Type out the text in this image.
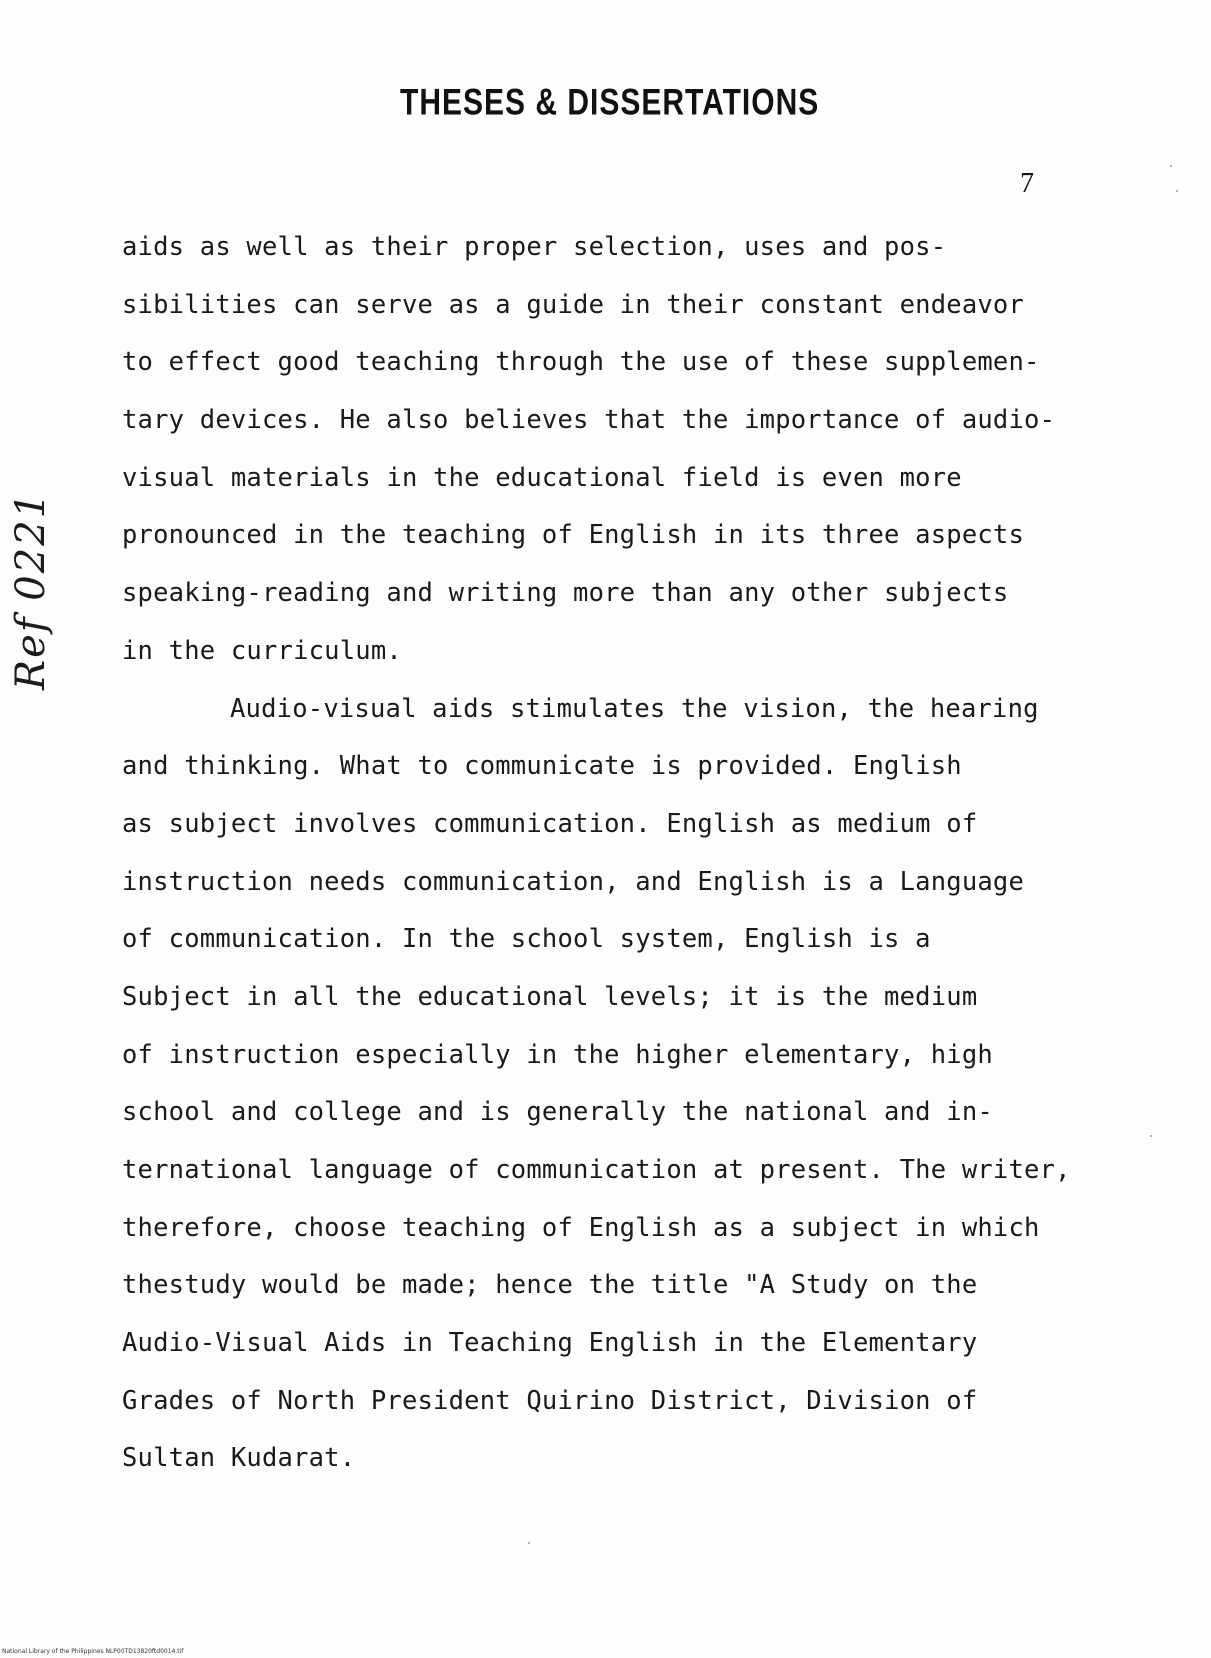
THESES & DISSERTATIONS
7
Ref 0221
aids as well as their proper selection, uses and pos-
sibilities can serve as a guide in their constant endeavor
to effect good teaching through the use of these supplemen-
tary devices. He also believes that the importance of audio-
visual materials in the educational field is even more
pronounced in the teaching of English in its three aspects
speaking-reading and writing more than any other subjects
in the curriculum.
Audio-visual aids stimulates the vision, the hearing
and thinking. What to communicate is provided. English
as subject involves communication. English as medium of
instruction needs communication, and English is a Language
of communication. In the school system, English is a
Subject in all the educational levels; it is the medium
of instruction especially in the higher elementary, high
school and college and is generally the national and in-
ternational language of communication at present. The writer,
therefore, choose teaching of English as a subject in which
thestudy would be made; hence the title "A Study on the
Audio-Visual Aids in Teaching English in the Elementary
Grades of North President Quirino District, Division of
Sultan Kudarat.
National Library of the Philippines NLP00TD13820ftd0014.tif
